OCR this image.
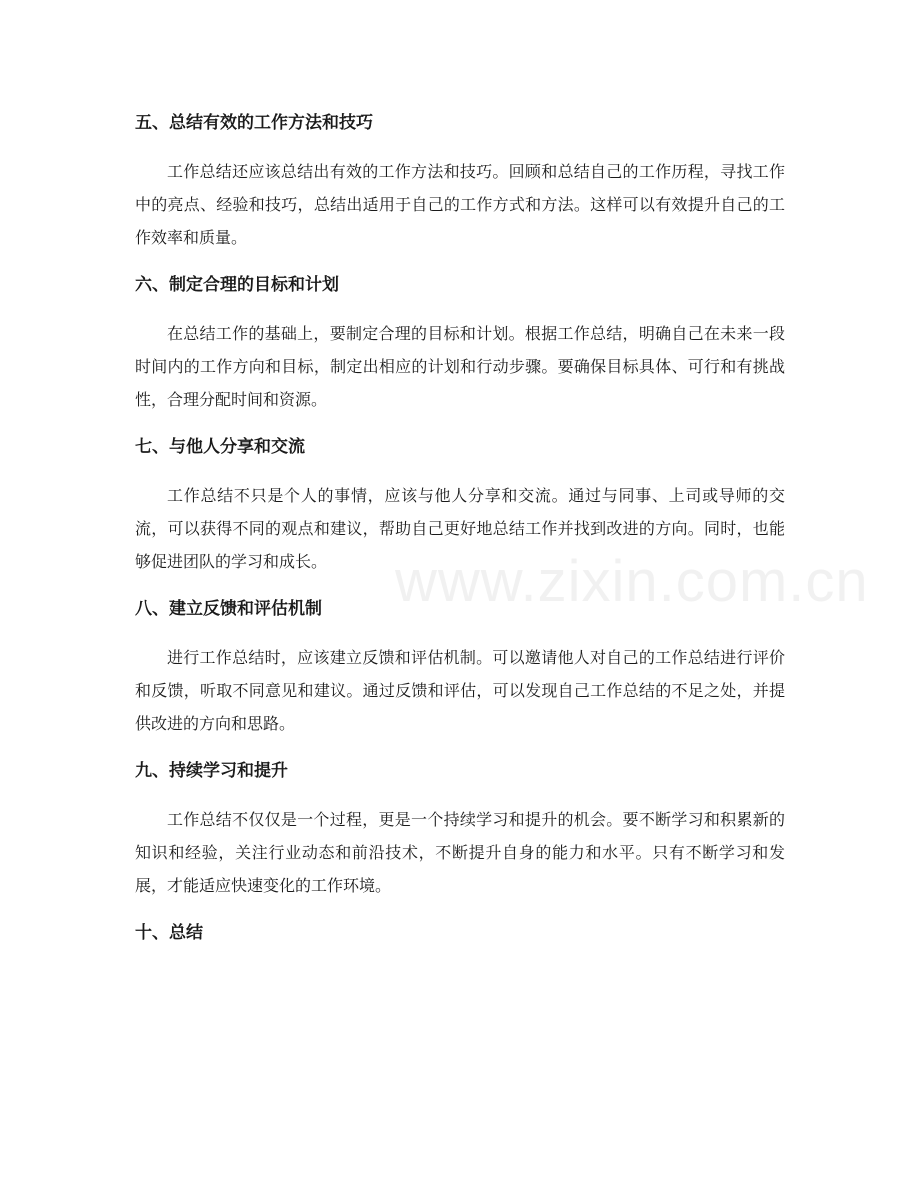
www.zixin.com.cn
五、总结有效的工作方法和技巧

工作总结还应该总结出有效的工作方法和技巧。回顾和总结自己的工作历程，寻找工作中的亮点、经验和技巧，总结出适用于自己的工作方式和方法。这样可以有效提升自己的工作效率和质量。

六、制定合理的目标和计划

在总结工作的基础上，要制定合理的目标和计划。根据工作总结，明确自己在未来一段时间内的工作方向和目标，制定出相应的计划和行动步骤。要确保目标具体、可行和有挑战性，合理分配时间和资源。

七、与他人分享和交流

工作总结不只是个人的事情，应该与他人分享和交流。通过与同事、上司或导师的交流，可以获得不同的观点和建议，帮助自己更好地总结工作并找到改进的方向。同时，也能够促进团队的学习和成长。

八、建立反馈和评估机制

进行工作总结时，应该建立反馈和评估机制。可以邀请他人对自己的工作总结进行评价和反馈，听取不同意见和建议。通过反馈和评估，可以发现自己工作总结的不足之处，并提供改进的方向和思路。

九、持续学习和提升

工作总结不仅仅是一个过程，更是一个持续学习和提升的机会。要不断学习和积累新的知识和经验，关注行业动态和前沿技术，不断提升自身的能力和水平。只有不断学习和发展，才能适应快速变化的工作环境。

十、总结
